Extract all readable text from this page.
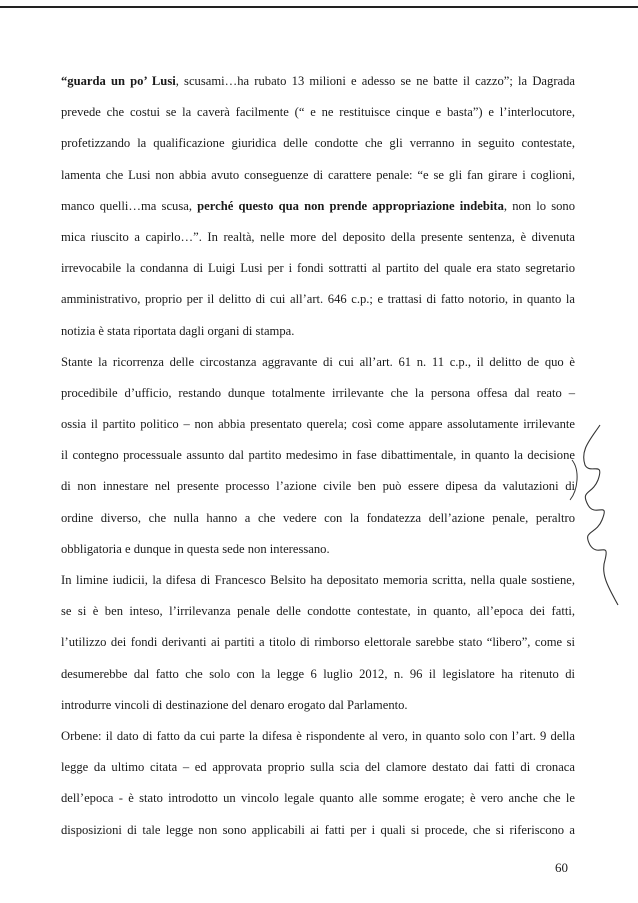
“guarda un po’ Lusi, scusami…ha rubato 13 milioni e adesso se ne batte il cazzo”; la Dagrada
prevede che costui se la caverà facilmente (“ e ne restituisce cinque e basta”) e l’interlocutore,
profetizzando la qualificazione giuridica delle condotte che gli verranno in seguito contestate,
lamenta che Lusi non abbia avuto conseguenze di carattere penale: “e se gli fan girare i coglioni,
manco quelli…ma scusa, perché questo qua non prende appropriazione indebita, non lo sono
mica riuscito a capirlo…”. In realtà, nelle more del deposito della presente sentenza, è divenuta
irrevocabile la condanna di Luigi Lusi per i fondi sottratti al partito del quale era stato segretario
amministrativo, proprio per il delitto di cui all’art. 646 c.p.; e trattasi di fatto notorio, in quanto la
notizia è stata riportata dagli organi di stampa.
Stante la ricorrenza delle circostanza aggravante di cui all’art. 61 n. 11 c.p., il delitto de quo è
procedibile d’ufficio, restando dunque totalmente irrilevante che la persona offesa dal reato –
ossia il partito politico – non abbia presentato querela; così come appare assolutamente irrilevante
il contegno processuale assunto dal partito medesimo in fase dibattimentale, in quanto la decisione
di non innestare nel presente processo l’azione civile ben può essere dipesa da valutazioni di
ordine diverso, che nulla hanno a che vedere con la fondatezza dell’azione penale, peraltro
obbligatoria e dunque in questa sede non interessano.
In limine iudicii, la difesa di Francesco Belsito ha depositato memoria scritta, nella quale sostiene,
se si è ben inteso, l’irrilevanza penale delle condotte contestate, in quanto, all’epoca dei fatti,
l’utilizzo dei fondi derivanti ai partiti a titolo di rimborso elettorale sarebbe stato “libero”, come si
desumerebbe dal fatto che solo con la legge 6 luglio 2012, n. 96 il legislatore ha ritenuto di
introdurre vincoli di destinazione del denaro erogato dal Parlamento.
Orbene: il dato di fatto da cui parte la difesa è rispondente al vero, in quanto solo con l’art. 9 della
legge da ultimo citata – ed approvata proprio sulla scia del clamore destato dai fatti di cronaca
dell’epoca - è stato introdotto un vincolo legale quanto alle somme erogate; è vero anche che le
disposizioni di tale legge non sono applicabili ai fatti per i quali si procede, che si riferiscono a
60
